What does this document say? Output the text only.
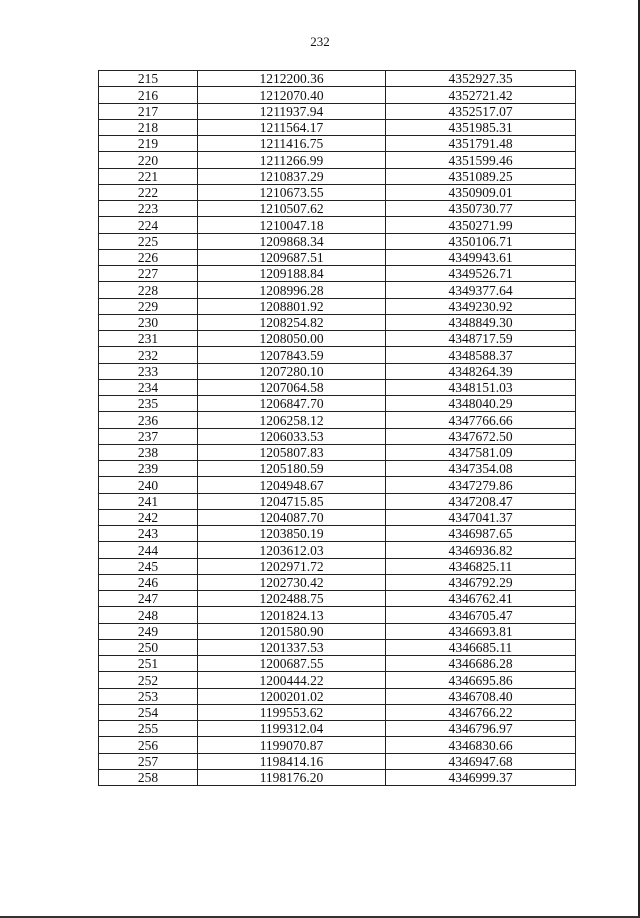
232
215	1212200.36	4352927.35
216	1212070.40	4352721.42
217	1211937.94	4352517.07
218	1211564.17	4351985.31
219	1211416.75	4351791.48
220	1211266.99	4351599.46
221	1210837.29	4351089.25
222	1210673.55	4350909.01
223	1210507.62	4350730.77
224	1210047.18	4350271.99
225	1209868.34	4350106.71
226	1209687.51	4349943.61
227	1209188.84	4349526.71
228	1208996.28	4349377.64
229	1208801.92	4349230.92
230	1208254.82	4348849.30
231	1208050.00	4348717.59
232	1207843.59	4348588.37
233	1207280.10	4348264.39
234	1207064.58	4348151.03
235	1206847.70	4348040.29
236	1206258.12	4347766.66
237	1206033.53	4347672.50
238	1205807.83	4347581.09
239	1205180.59	4347354.08
240	1204948.67	4347279.86
241	1204715.85	4347208.47
242	1204087.70	4347041.37
243	1203850.19	4346987.65
244	1203612.03	4346936.82
245	1202971.72	4346825.11
246	1202730.42	4346792.29
247	1202488.75	4346762.41
248	1201824.13	4346705.47
249	1201580.90	4346693.81
250	1201337.53	4346685.11
251	1200687.55	4346686.28
252	1200444.22	4346695.86
253	1200201.02	4346708.40
254	1199553.62	4346766.22
255	1199312.04	4346796.97
256	1199070.87	4346830.66
257	1198414.16	4346947.68
258	1198176.20	4346999.37
